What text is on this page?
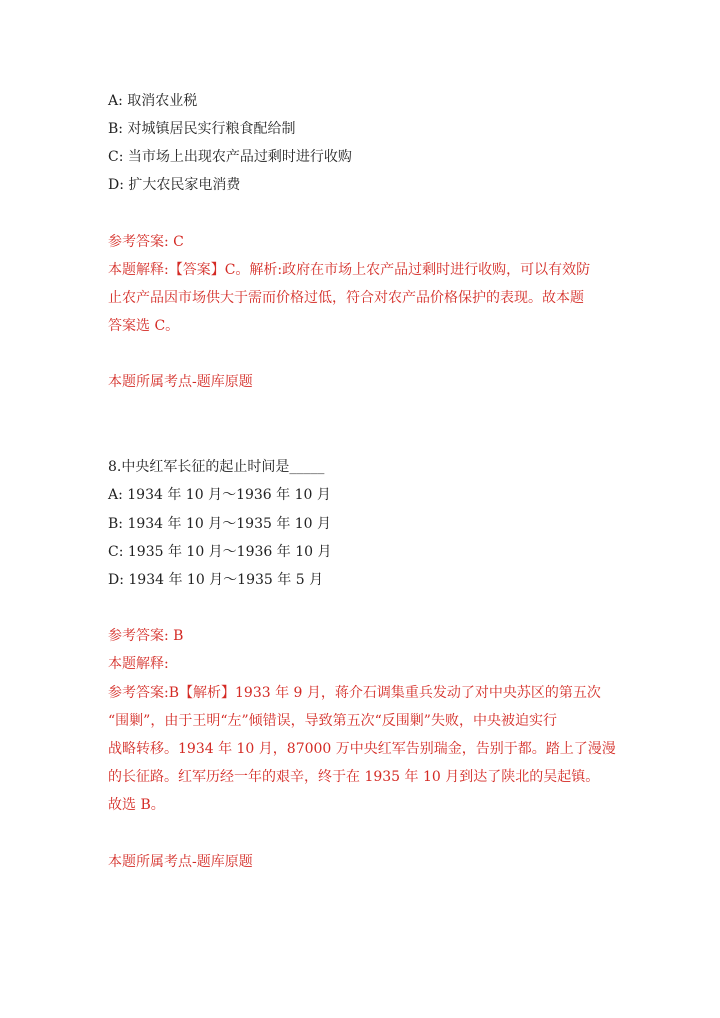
A: 取消农业税
B: 对城镇居民实行粮食配给制
C: 当市场上出现农产品过剩时进行收购
D: 扩大农民家电消费
参考答案: C
本题解释:【答案】C。解析:政府在市场上农产品过剩时进行收购，可以有效防
止农产品因市场供大于需而价格过低，符合对农产品价格保护的表现。故本题
答案选 C。
本题所属考点-题库原题
8.中央红军长征的起止时间是_____
A: 1934 年 10 月～1936 年 10 月
B: 1934 年 10 月～1935 年 10 月
C: 1935 年 10 月～1936 年 10 月
D: 1934 年 10 月～1935 年 5 月
参考答案: B
本题解释:
参考答案:B【解析】1933 年 9 月，蒋介石调集重兵发动了对中央苏区的第五次
“围剿”，由于王明“左”倾错误，导致第五次“反围剿”失败，中央被迫实行
战略转移。1934 年 10 月，87000 万中央红军告别瑞金，告别于都。踏上了漫漫
的长征路。红军历经一年的艰辛，终于在 1935 年 10 月到达了陕北的吴起镇。
故选 B。
本题所属考点-题库原题
